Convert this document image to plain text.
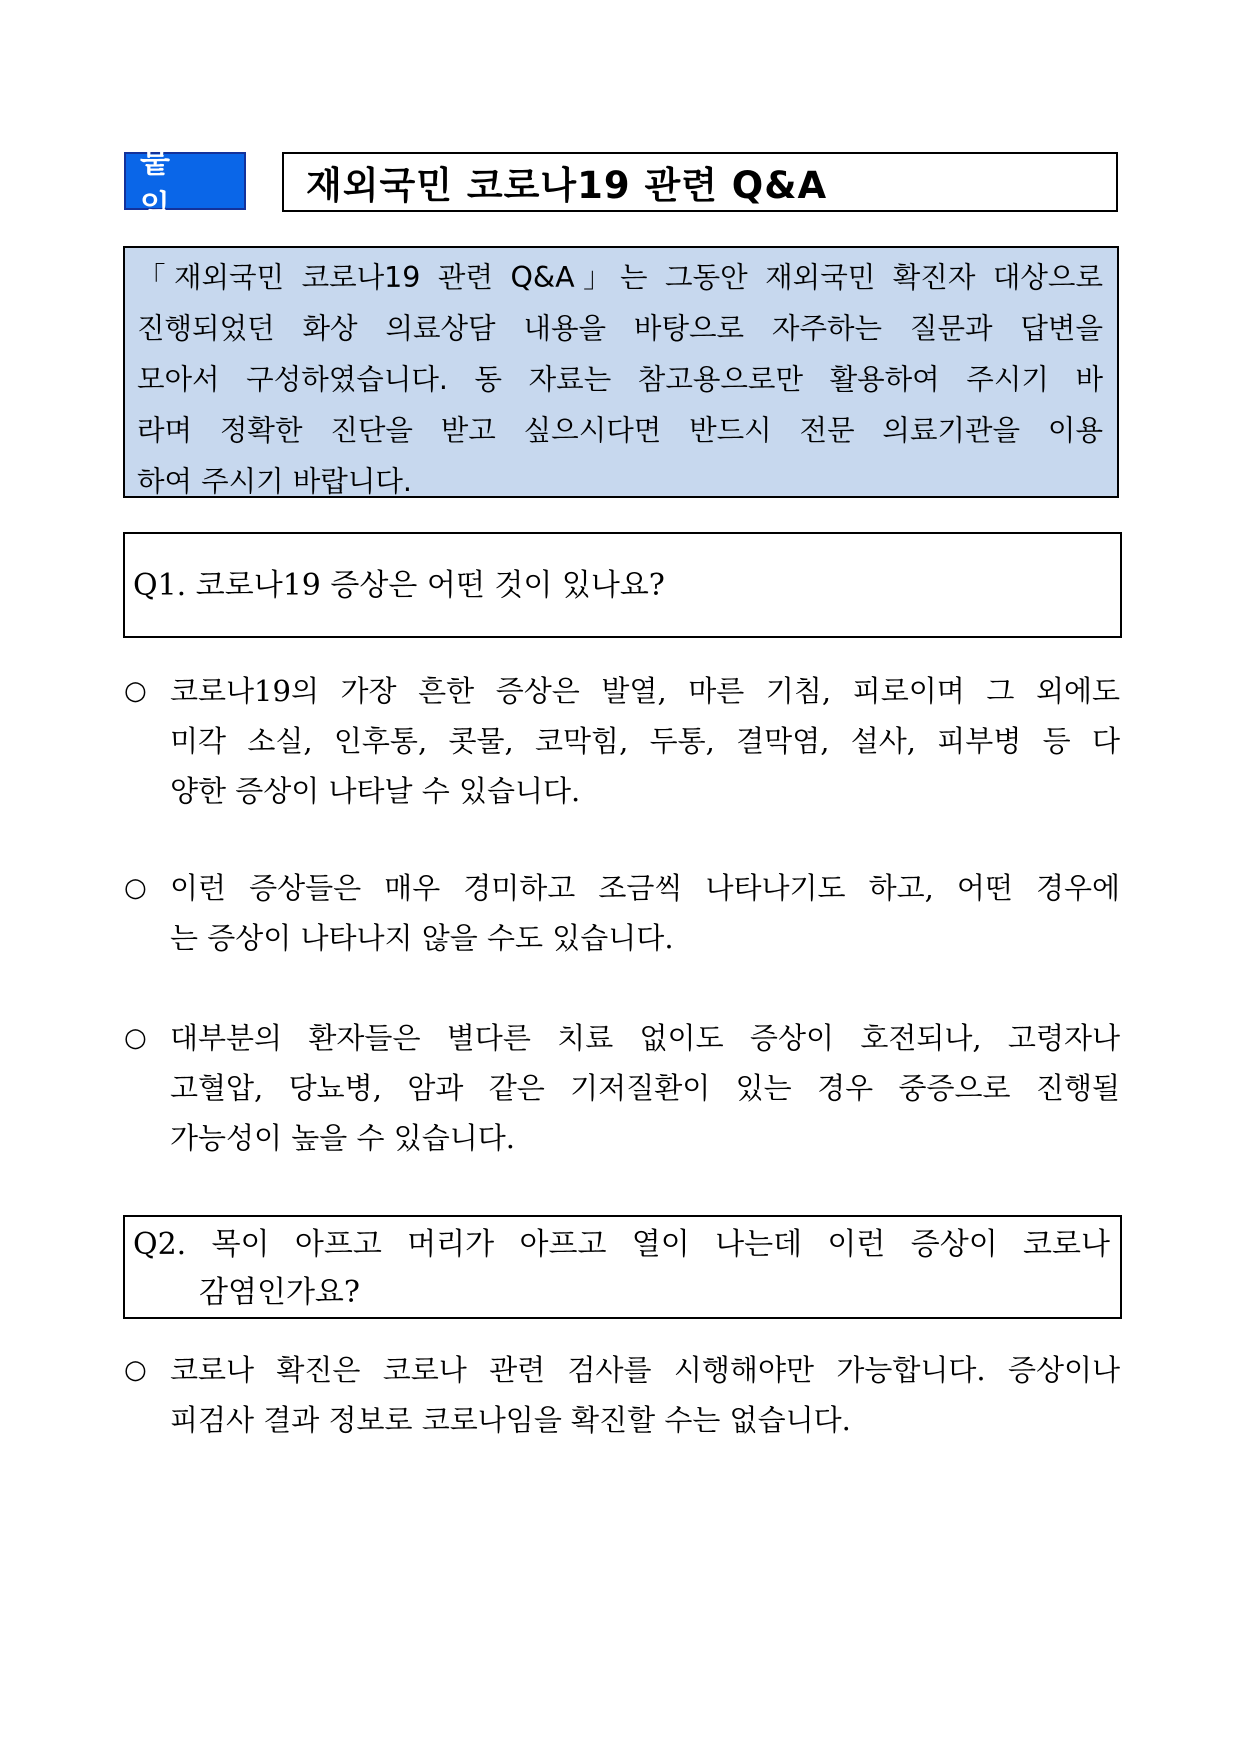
붙 임	재외국민 코로나19 관련 Q&A
「재외국민 코로나19 관련 Q&A」는 그동안 재외국민 확진자 대상으로
진행되었던 화상 의료상담 내용을 바탕으로 자주하는 질문과 답변을
모아서 구성하였습니다. 동 자료는 참고용으로만 활용하여 주시기 바
라며 정확한 진단을 받고 싶으시다면 반드시 전문 의료기관을 이용
하여 주시기 바랍니다.
Q1. 코로나19 증상은 어떤 것이 있나요?
○ 코로나19의 가장 흔한 증상은 발열, 마른 기침, 피로이며 그 외에도
미각 소실, 인후통, 콧물, 코막힘, 두통, 결막염, 설사, 피부병 등 다
양한 증상이 나타날 수 있습니다.
○ 이런 증상들은 매우 경미하고 조금씩 나타나기도 하고, 어떤 경우에
는 증상이 나타나지 않을 수도 있습니다.
○ 대부분의 환자들은 별다른 치료 없이도 증상이 호전되나, 고령자나
고혈압, 당뇨병, 암과 같은 기저질환이 있는 경우 중증으로 진행될
가능성이 높을 수 있습니다.
Q2. 목이 아프고 머리가 아프고 열이 나는데 이런 증상이 코로나
감염인가요?
○ 코로나 확진은 코로나 관련 검사를 시행해야만 가능합니다. 증상이나
피검사 결과 정보로 코로나임을 확진할 수는 없습니다.
